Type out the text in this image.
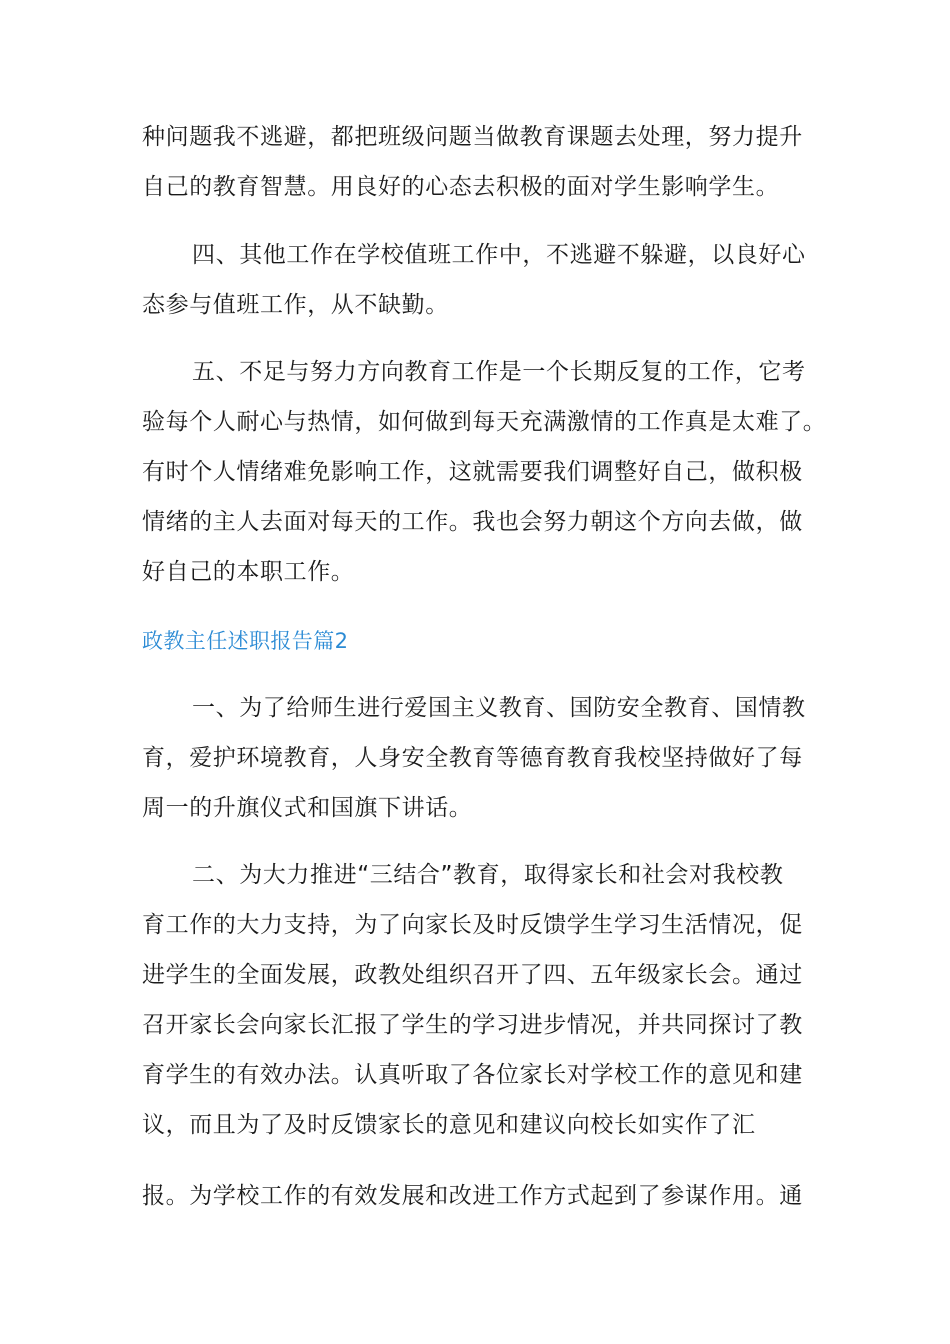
种问题我不逃避，都把班级问题当做教育课题去处理，努力提升
自己的教育智慧。用良好的心态去积极的面对学生影响学生。
四、其他工作在学校值班工作中，不逃避不躲避，以良好心
态参与值班工作，从不缺勤。
五、不足与努力方向教育工作是一个长期反复的工作，它考
验每个人耐心与热情，如何做到每天充满激情的工作真是太难了。
有时个人情绪难免影响工作，这就需要我们调整好自己，做积极
情绪的主人去面对每天的工作。我也会努力朝这个方向去做，做
好自己的本职工作。
政教主任述职报告篇2
一、为了给师生进行爱国主义教育、国防安全教育、国情教
育，爱护环境教育，人身安全教育等德育教育我校坚持做好了每
周一的升旗仪式和国旗下讲话。
二、为大力推进“三结合”教育，取得家长和社会对我校教
育工作的大力支持，为了向家长及时反馈学生学习生活情况，促
进学生的全面发展，政教处组织召开了四、五年级家长会。通过
召开家长会向家长汇报了学生的学习进步情况，并共同探讨了教
育学生的有效办法。认真听取了各位家长对学校工作的意见和建
议，而且为了及时反馈家长的意见和建议向校长如实作了汇
报。为学校工作的有效发展和改进工作方式起到了参谋作用。通
